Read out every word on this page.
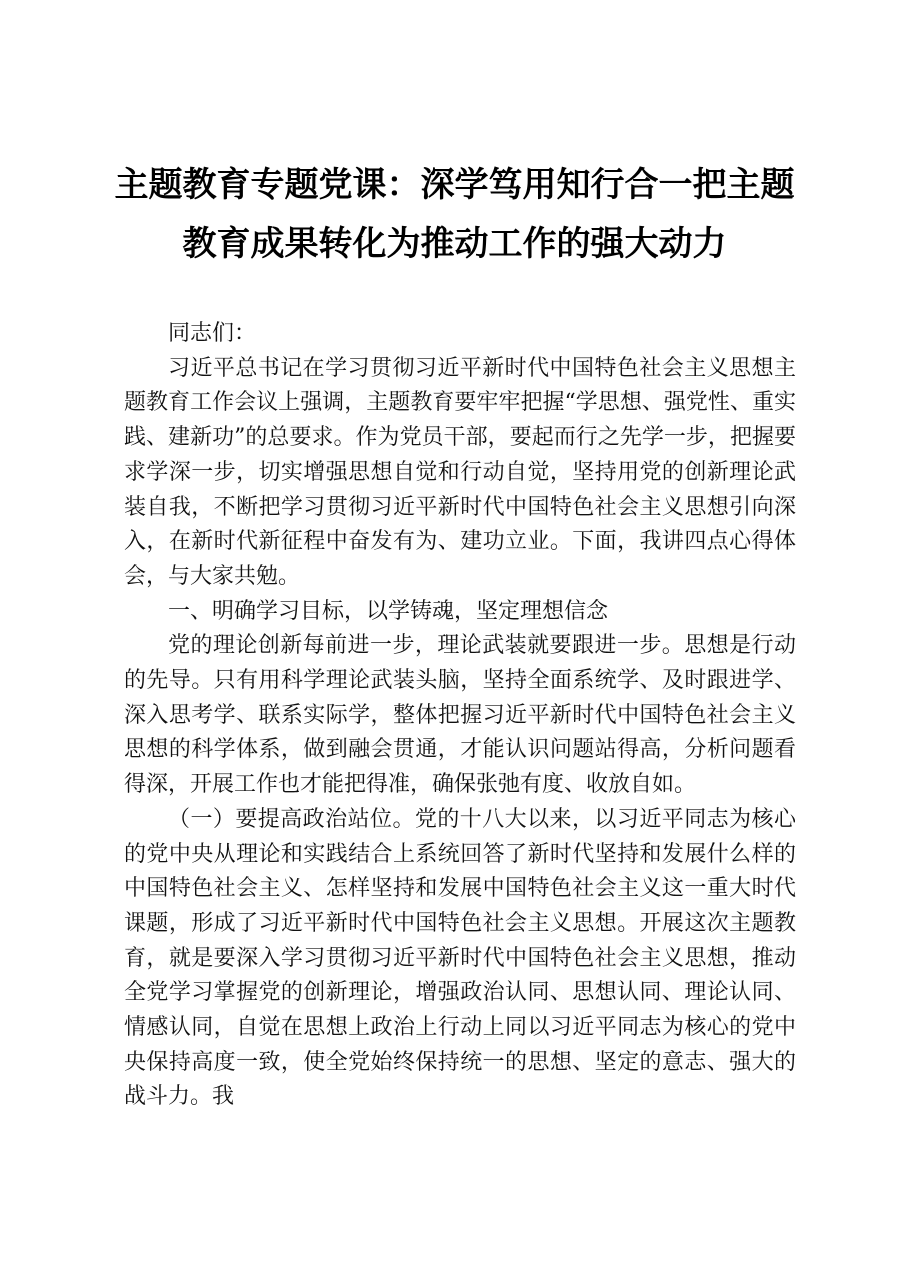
主题教育专题党课：深学笃用知行合一把主题
教育成果转化为推动工作的强大动力

同志们：

习近平总书记在学习贯彻习近平新时代中国特色社会主义思想主题教育工作会议上强调，主题教育要牢牢把握“学思想、强党性、重实践、建新功”的总要求。作为党员干部，要起而行之先学一步，把握要求学深一步，切实增强思想自觉和行动自觉，坚持用党的创新理论武装自我，不断把学习贯彻习近平新时代中国特色社会主义思想引向深入，在新时代新征程中奋发有为、建功立业。下面，我讲四点心得体会，与大家共勉。

一、明确学习目标，以学铸魂，坚定理想信念

党的理论创新每前进一步，理论武装就要跟进一步。思想是行动的先导。只有用科学理论武装头脑，坚持全面系统学、及时跟进学、深入思考学、联系实际学，整体把握习近平新时代中国特色社会主义思想的科学体系，做到融会贯通，才能认识问题站得高，分析问题看得深，开展工作也才能把得准，确保张弛有度、收放自如。

（一）要提高政治站位。党的十八大以来，以习近平同志为核心的党中央从理论和实践结合上系统回答了新时代坚持和发展什么样的中国特色社会主义、怎样坚持和发展中国特色社会主义这一重大时代课题，形成了习近平新时代中国特色社会主义思想。开展这次主题教育，就是要深入学习贯彻习近平新时代中国特色社会主义思想，推动全党学习掌握党的创新理论，增强政治认同、思想认同、理论认同、情感认同，自觉在思想上政治上行动上同以习近平同志为核心的党中央保持高度一致，使全党始终保持统一的思想、坚定的意志、强大的战斗力。我
